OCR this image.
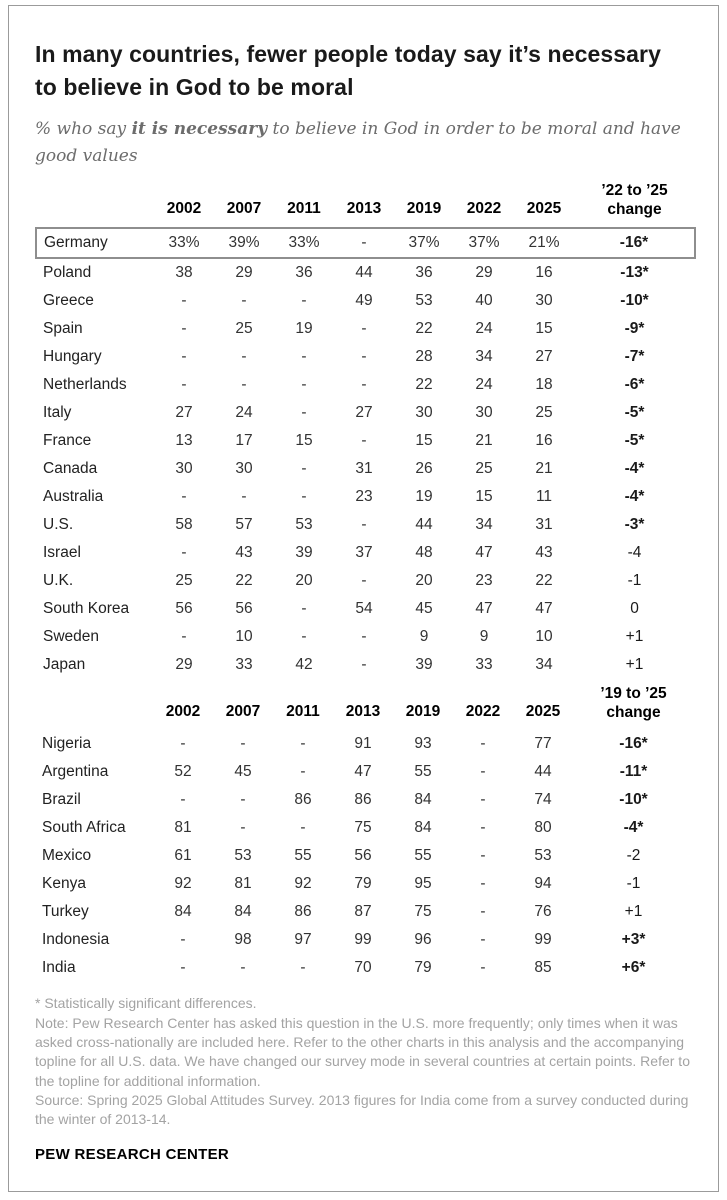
In many countries, fewer people today say it’s necessary to believe in God to be moral

% who say it is necessary to believe in God in order to be moral and have good values

	2002	2007	2011	2013	2019	2022	2025	’22 to ’25
change

Germany	33%	39%	33%	-	37%	37%	21%	-16*
Poland	38	29	36	44	36	29	16	-13*
Greece	-	-	-	49	53	40	30	-10*
Spain	-	25	19	-	22	24	15	-9*
Hungary	-	-	-	-	28	34	27	-7*
Netherlands	-	-	-	-	22	24	18	-6*
Italy	27	24	-	27	30	30	25	-5*
France	13	17	15	-	15	21	16	-5*
Canada	30	30	-	31	26	25	21	-4*
Australia	-	-	-	23	19	15	11	-4*
U.S.	58	57	53	-	44	34	31	-3*
Israel	-	43	39	37	48	47	43	-4
U.K.	25	22	20	-	20	23	22	-1
South Korea	56	56	-	54	45	47	47	0
Sweden	-	10	-	-	9	9	10	+1
Japan	29	33	42	-	39	33	34	+1
	2002	2007	2011	2013	2019	2022	2025	’19 to ’25
change

Nigeria	-	-	-	91	93	-	77	-16*
Argentina	52	45	-	47	55	-	44	-11*
Brazil	-	-	86	86	84	-	74	-10*
South Africa	81	-	-	75	84	-	80	-4*
Mexico	61	53	55	56	55	-	53	-2
Kenya	92	81	92	79	95	-	94	-1
Turkey	84	84	86	87	75	-	76	+1
Indonesia	-	98	97	99	96	-	99	+3*
India	-	-	-	70	79	-	85	+6*
* Statistically significant differences.
Note: Pew Research Center has asked this question in the U.S. more frequently; only times when it was asked cross-nationally are included here. Refer to the other charts in this analysis and the accompanying topline for all U.S. data. We have changed our survey mode in several countries at certain points. Refer to the topline for additional information.
Source: Spring 2025 Global Attitudes Survey. 2013 figures for India come from a survey conducted during the winter of 2013-14.
PEW RESEARCH CENTER
